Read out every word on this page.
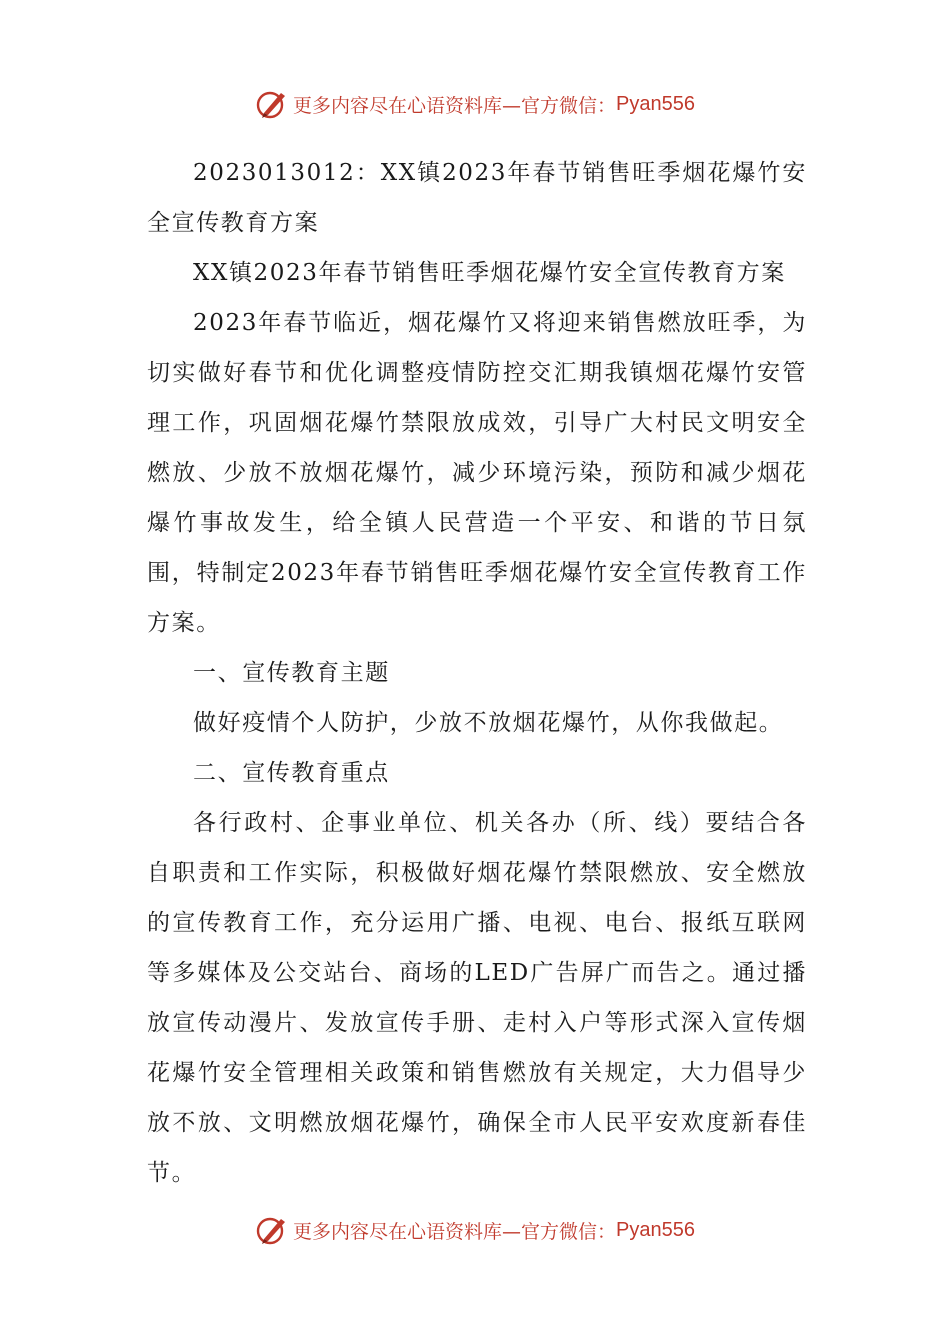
更多内容尽在心语资料库—官方微信： Pyan556

2023013012：XX镇2023年春节销售旺季烟花爆竹安全宣传教育方案

XX镇2023年春节销售旺季烟花爆竹安全宣传教育方案

2023年春节临近，烟花爆竹又将迎来销售燃放旺季，为切实做好春节和优化调整疫情防控交汇期我镇烟花爆竹安管理工作，巩固烟花爆竹禁限放成效，引导广大村民文明安全燃放、少放不放烟花爆竹，减少环境污染，预防和减少烟花爆竹事故发生，给全镇人民营造一个平安、和谐的节日氛围，特制定2023年春节销售旺季烟花爆竹安全宣传教育工作方案。

一、宣传教育主题

做好疫情个人防护，少放不放烟花爆竹，从你我做起。

二、宣传教育重点

各行政村、企事业单位、机关各办（所、线）要结合各自职责和工作实际，积极做好烟花爆竹禁限燃放、安全燃放的宣传教育工作，充分运用广播、电视、电台、报纸互联网等多媒体及公交站台、商场的LED广告屏广而告之。通过播放宣传动漫片、发放宣传手册、走村入户等形式深入宣传烟花爆竹安全管理相关政策和销售燃放有关规定，大力倡导少放不放、文明燃放烟花爆竹，确保全市人民平安欢度新春佳节。

更多内容尽在心语资料库—官方微信： Pyan556
